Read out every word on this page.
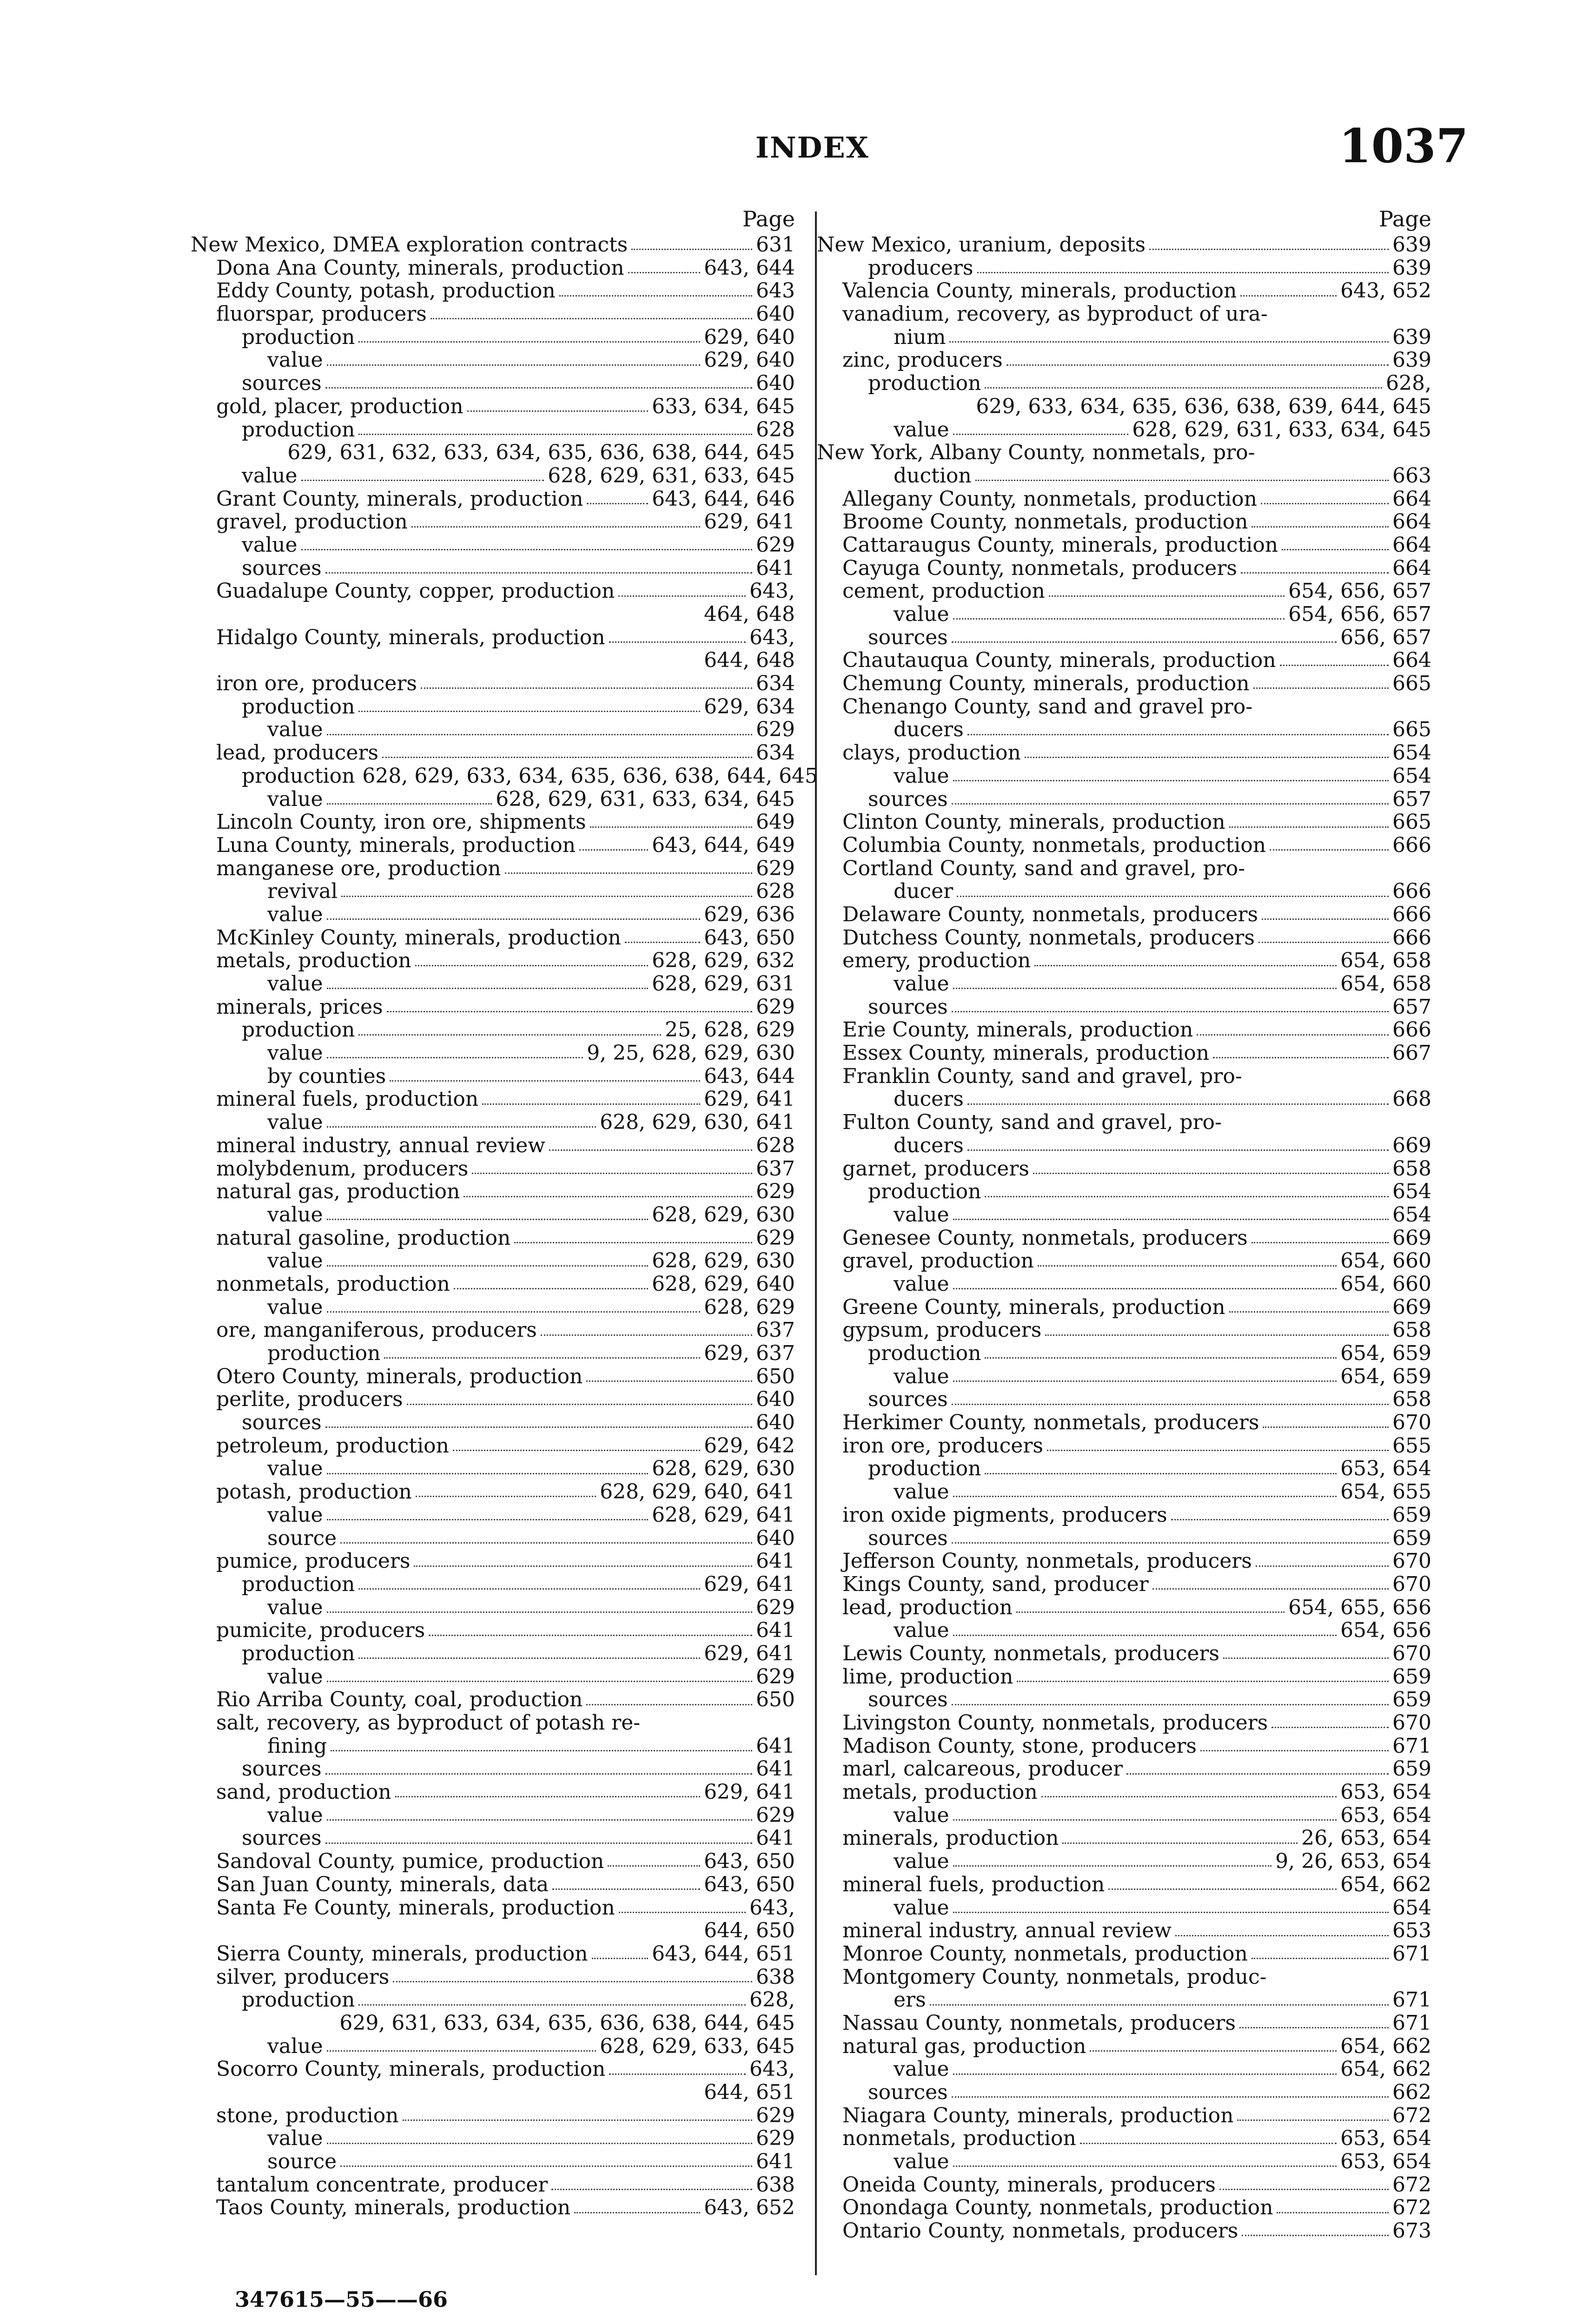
INDEX	1037
Page
New Mexico, DMEA exploration contracts	631
Dona Ana County, minerals, production	643, 644
Eddy County, potash, production	643
fluorspar, producers	640
production	629, 640
value	629, 640
sources	640
gold, placer, production	633, 634, 645
production	628
629, 631, 632, 633, 634, 635, 636, 638, 644, 645
value	628, 629, 631, 633, 645
Grant County, minerals, production	643, 644, 646
gravel, production	629, 641
value	629
sources	641
Guadalupe County, copper, production	643,
464, 648
Hidalgo County, minerals, production	643,
644, 648
iron ore, producers	634
production	629, 634
value	629
lead, producers	634
production 628, 629, 633, 634, 635, 636, 638, 644, 645
value	628, 629, 631, 633, 634, 645
Lincoln County, iron ore, shipments	649
Luna County, minerals, production	643, 644, 649
manganese ore, production	629
revival	628
value	629, 636
McKinley County, minerals, production	643, 650
metals, production	628, 629, 632
value	628, 629, 631
minerals, prices	629
production	25, 628, 629
value	9, 25, 628, 629, 630
by counties	643, 644
mineral fuels, production	629, 641
value	628, 629, 630, 641
mineral industry, annual review	628
molybdenum, producers	637
natural gas, production	629
value	628, 629, 630
natural gasoline, production	629
value	628, 629, 630
nonmetals, production	628, 629, 640
value	628, 629
ore, manganiferous, producers	637
production	629, 637
Otero County, minerals, production	650
perlite, producers	640
sources	640
petroleum, production	629, 642
value	628, 629, 630
potash, production	628, 629, 640, 641
value	628, 629, 641
source	640
pumice, producers	641
production	629, 641
value	629
pumicite, producers	641
production	629, 641
value	629
Rio Arriba County, coal, production	650
salt, recovery, as byproduct of potash re-
fining	641
sources	641
sand, production	629, 641
value	629
sources	641
Sandoval County, pumice, production	643, 650
San Juan County, minerals, data	643, 650
Santa Fe County, minerals, production	643,
644, 650
Sierra County, minerals, production	643, 644, 651
silver, producers	638
production	628,
629, 631, 633, 634, 635, 636, 638, 644, 645
value	628, 629, 633, 645
Socorro County, minerals, production	643,
644, 651
stone, production	629
value	629
source	641
tantalum concentrate, producer	638
Taos County, minerals, production	643, 652
Page
New Mexico, uranium, deposits	639
producers	639
Valencia County, minerals, production	643, 652
vanadium, recovery, as byproduct of ura-
nium	639
zinc, producers	639
production	628,
629, 633, 634, 635, 636, 638, 639, 644, 645
value	628, 629, 631, 633, 634, 645
New York, Albany County, nonmetals, pro-
duction	663
Allegany County, nonmetals, production	664
Broome County, nonmetals, production	664
Cattaraugus County, minerals, production	664
Cayuga County, nonmetals, producers	664
cement, production	654, 656, 657
value	654, 656, 657
sources	656, 657
Chautauqua County, minerals, production	664
Chemung County, minerals, production	665
Chenango County, sand and gravel pro-
ducers	665
clays, production	654
value	654
sources	657
Clinton County, minerals, production	665
Columbia County, nonmetals, production	666
Cortland County, sand and gravel, pro-
ducer	666
Delaware County, nonmetals, producers	666
Dutchess County, nonmetals, producers	666
emery, production	654, 658
value	654, 658
sources	657
Erie County, minerals, production	666
Essex County, minerals, production	667
Franklin County, sand and gravel, pro-
ducers	668
Fulton County, sand and gravel, pro-
ducers	669
garnet, producers	658
production	654
value	654
Genesee County, nonmetals, producers	669
gravel, production	654, 660
value	654, 660
Greene County, minerals, production	669
gypsum, producers	658
production	654, 659
value	654, 659
sources	658
Herkimer County, nonmetals, producers	670
iron ore, producers	655
production	653, 654
value	654, 655
iron oxide pigments, producers	659
sources	659
Jefferson County, nonmetals, producers	670
Kings County, sand, producer	670
lead, production	654, 655, 656
value	654, 656
Lewis County, nonmetals, producers	670
lime, production	659
sources	659
Livingston County, nonmetals, producers	670
Madison County, stone, producers	671
marl, calcareous, producer	659
metals, production	653, 654
value	653, 654
minerals, production	26, 653, 654
value	9, 26, 653, 654
mineral fuels, production	654, 662
value	654
mineral industry, annual review	653
Monroe County, nonmetals, production	671
Montgomery County, nonmetals, produc-
ers	671
Nassau County, nonmetals, producers	671
natural gas, production	654, 662
value	654, 662
sources	662
Niagara County, minerals, production	672
nonmetals, production	653, 654
value	653, 654
Oneida County, minerals, producers	672
Onondaga County, nonmetals, production	672
Ontario County, nonmetals, producers	673
347615—55——66
